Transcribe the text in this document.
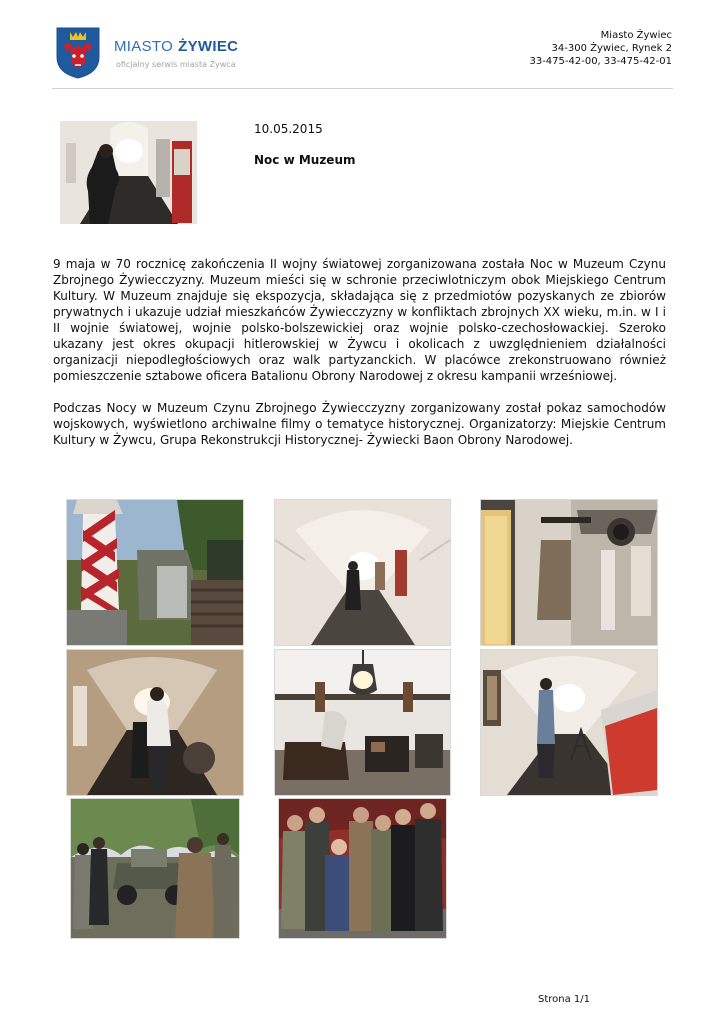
MIASTO ŻYWIEC
oficjalny serwis miasta Żywca
Miasto Żywiec
34-300 Żywiec, Rynek 2
33-475-42-00, 33-475-42-01
10.05.2015
Noc w Muzeum

9 maja w 70 rocznicę zakończenia II wojny światowej zorganizowana została Noc w Muzeum Czynu Zbrojnego Żywiecczyzny. Muzeum mieści się w schronie przeciwlotniczym obok Miejskiego Centrum Kultury. W Muzeum znajduje się ekspozycja, składająca się z przedmiotów pozyskanych ze zbiorów prywatnych i ukazuje udział mieszkańców Żywiecczyzny w konfliktach zbrojnych XX wieku, m.in. w I i II wojnie światowej, wojnie polsko-bolszewickiej oraz wojnie polsko-czechosłowackiej. Szeroko ukazany jest okres okupacji hitlerowskiej w Żywcu i okolicach z uwzględnieniem działalności organizacji niepodległościowych oraz walk partyzanckich. W placówce zrekonstruowano również pomieszczenie sztabowe oficera Batalionu Obrony Narodowej z okresu kampanii wrześniowej.

Podczas Nocy w Muzeum Czynu Zbrojnego Żywiecczyzny zorganizowany został pokaz samochodów wojskowych, wyświetlono archiwalne filmy o tematyce historycznej. Organizatorzy: Miejskie Centrum Kultury w Żywcu, Grupa Rekonstrukcji Historycznej- Żywiecki Baon Obrony Narodowej.

Strona 1/1
